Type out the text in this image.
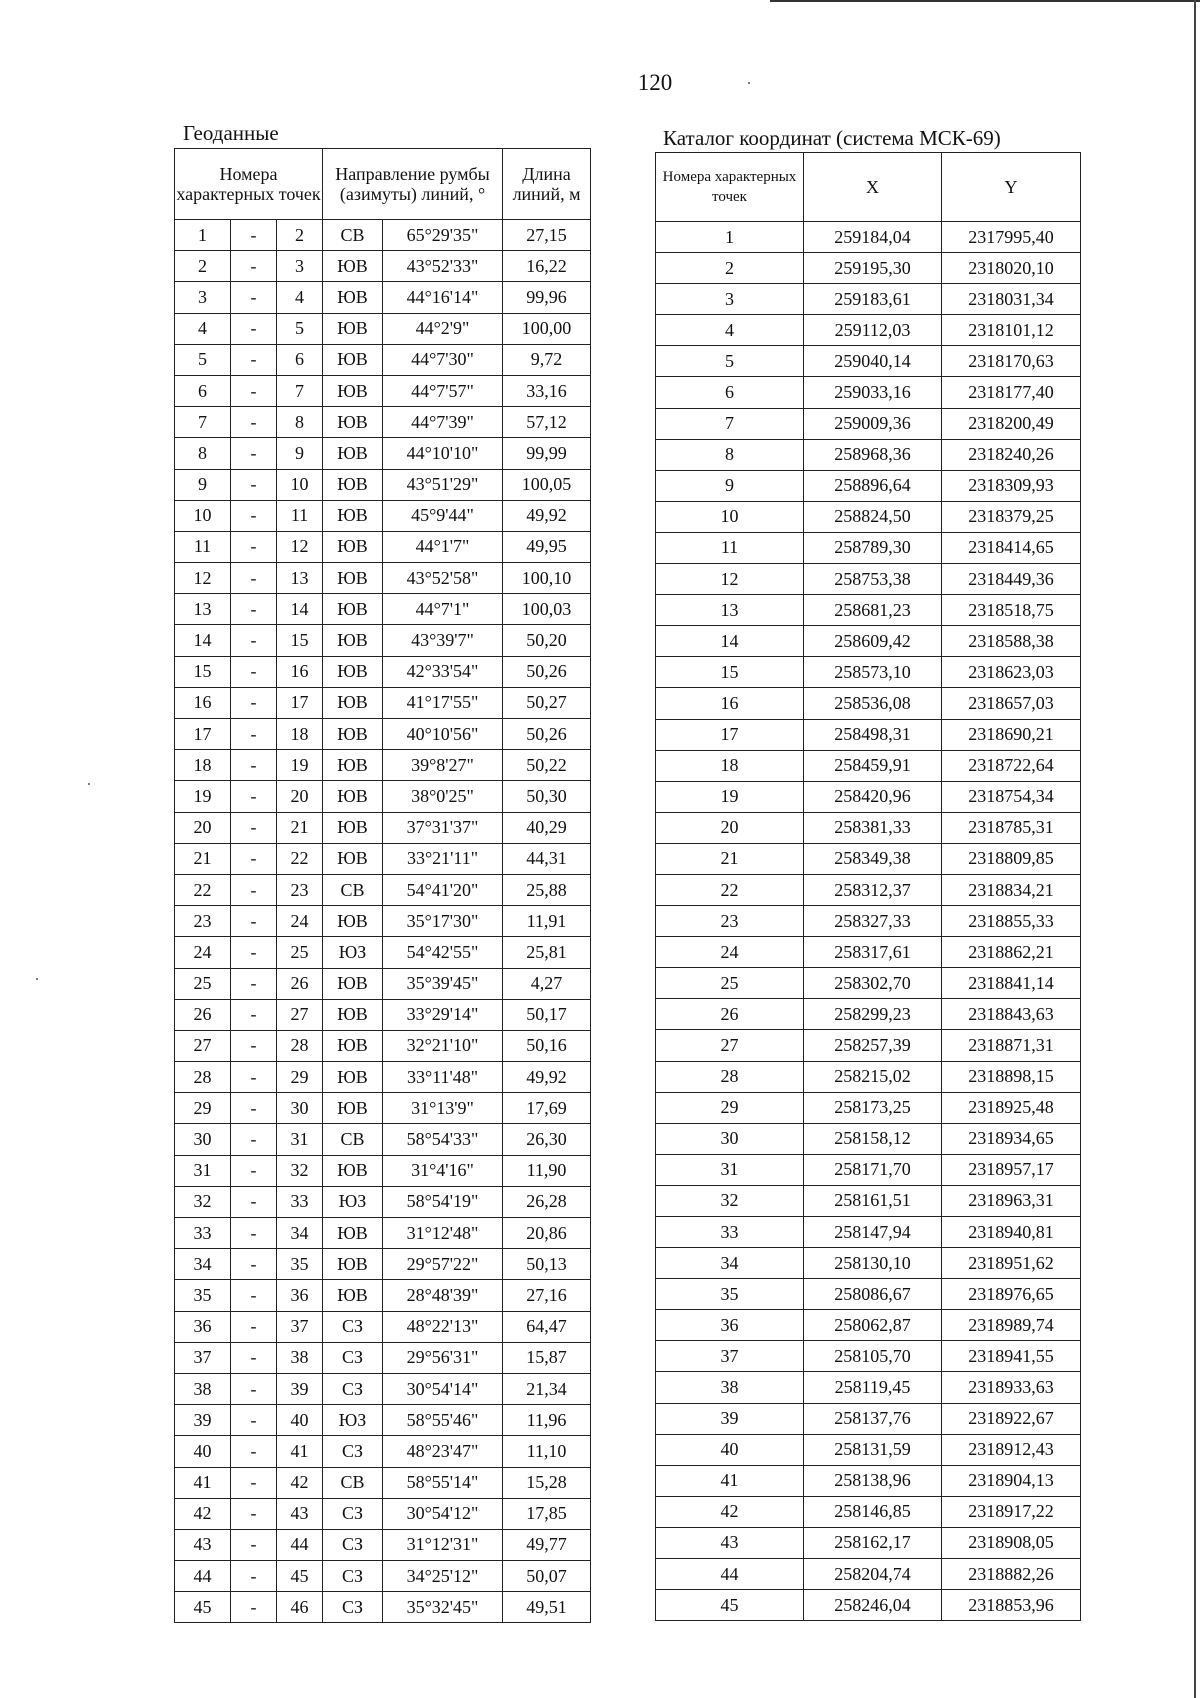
120
Геоданные	Каталог координат (система МСК-69)
Номера характерных точек			Направление румбы (азимуты) линий, °		Длина линий, м
1	-	2	СВ	65°29'35"	27,15
2	-	3	ЮВ	43°52'33"	16,22
3	-	4	ЮВ	44°16'14"	99,96
4	-	5	ЮВ	44°2'9"	100,00
5	-	6	ЮВ	44°7'30"	9,72
6	-	7	ЮВ	44°7'57"	33,16
7	-	8	ЮВ	44°7'39"	57,12
8	-	9	ЮВ	44°10'10"	99,99
9	-	10	ЮВ	43°51'29"	100,05
10	-	11	ЮВ	45°9'44"	49,92
11	-	12	ЮВ	44°1'7"	49,95
12	-	13	ЮВ	43°52'58"	100,10
13	-	14	ЮВ	44°7'1"	100,03
14	-	15	ЮВ	43°39'7"	50,20
15	-	16	ЮВ	42°33'54"	50,26
16	-	17	ЮВ	41°17'55"	50,27
17	-	18	ЮВ	40°10'56"	50,26
18	-	19	ЮВ	39°8'27"	50,22
19	-	20	ЮВ	38°0'25"	50,30
20	-	21	ЮВ	37°31'37"	40,29
21	-	22	ЮВ	33°21'11"	44,31
22	-	23	СВ	54°41'20"	25,88
23	-	24	ЮВ	35°17'30"	11,91
24	-	25	ЮЗ	54°42'55"	25,81
25	-	26	ЮВ	35°39'45"	4,27
26	-	27	ЮВ	33°29'14"	50,17
27	-	28	ЮВ	32°21'10"	50,16
28	-	29	ЮВ	33°11'48"	49,92
29	-	30	ЮВ	31°13'9"	17,69
30	-	31	СВ	58°54'33"	26,30
31	-	32	ЮВ	31°4'16"	11,90
32	-	33	ЮЗ	58°54'19"	26,28
33	-	34	ЮВ	31°12'48"	20,86
34	-	35	ЮВ	29°57'22"	50,13
35	-	36	ЮВ	28°48'39"	27,16
36	-	37	СЗ	48°22'13"	64,47
37	-	38	СЗ	29°56'31"	15,87
38	-	39	СЗ	30°54'14"	21,34
39	-	40	ЮЗ	58°55'46"	11,96
40	-	41	СЗ	48°23'47"	11,10
41	-	42	СВ	58°55'14"	15,28
42	-	43	СЗ	30°54'12"	17,85
43	-	44	СЗ	31°12'31"	49,77
44	-	45	СЗ	34°25'12"	50,07
45	-	46	СЗ	35°32'45"	49,51
Номера характерных точек	X	Y
1	259184,04	2317995,40
2	259195,30	2318020,10
3	259183,61	2318031,34
4	259112,03	2318101,12
5	259040,14	2318170,63
6	259033,16	2318177,40
7	259009,36	2318200,49
8	258968,36	2318240,26
9	258896,64	2318309,93
10	258824,50	2318379,25
11	258789,30	2318414,65
12	258753,38	2318449,36
13	258681,23	2318518,75
14	258609,42	2318588,38
15	258573,10	2318623,03
16	258536,08	2318657,03
17	258498,31	2318690,21
18	258459,91	2318722,64
19	258420,96	2318754,34
20	258381,33	2318785,31
21	258349,38	2318809,85
22	258312,37	2318834,21
23	258327,33	2318855,33
24	258317,61	2318862,21
25	258302,70	2318841,14
26	258299,23	2318843,63
27	258257,39	2318871,31
28	258215,02	2318898,15
29	258173,25	2318925,48
30	258158,12	2318934,65
31	258171,70	2318957,17
32	258161,51	2318963,31
33	258147,94	2318940,81
34	258130,10	2318951,62
35	258086,67	2318976,65
36	258062,87	2318989,74
37	258105,70	2318941,55
38	258119,45	2318933,63
39	258137,76	2318922,67
40	258131,59	2318912,43
41	258138,96	2318904,13
42	258146,85	2318917,22
43	258162,17	2318908,05
44	258204,74	2318882,26
45	258246,04	2318853,96
